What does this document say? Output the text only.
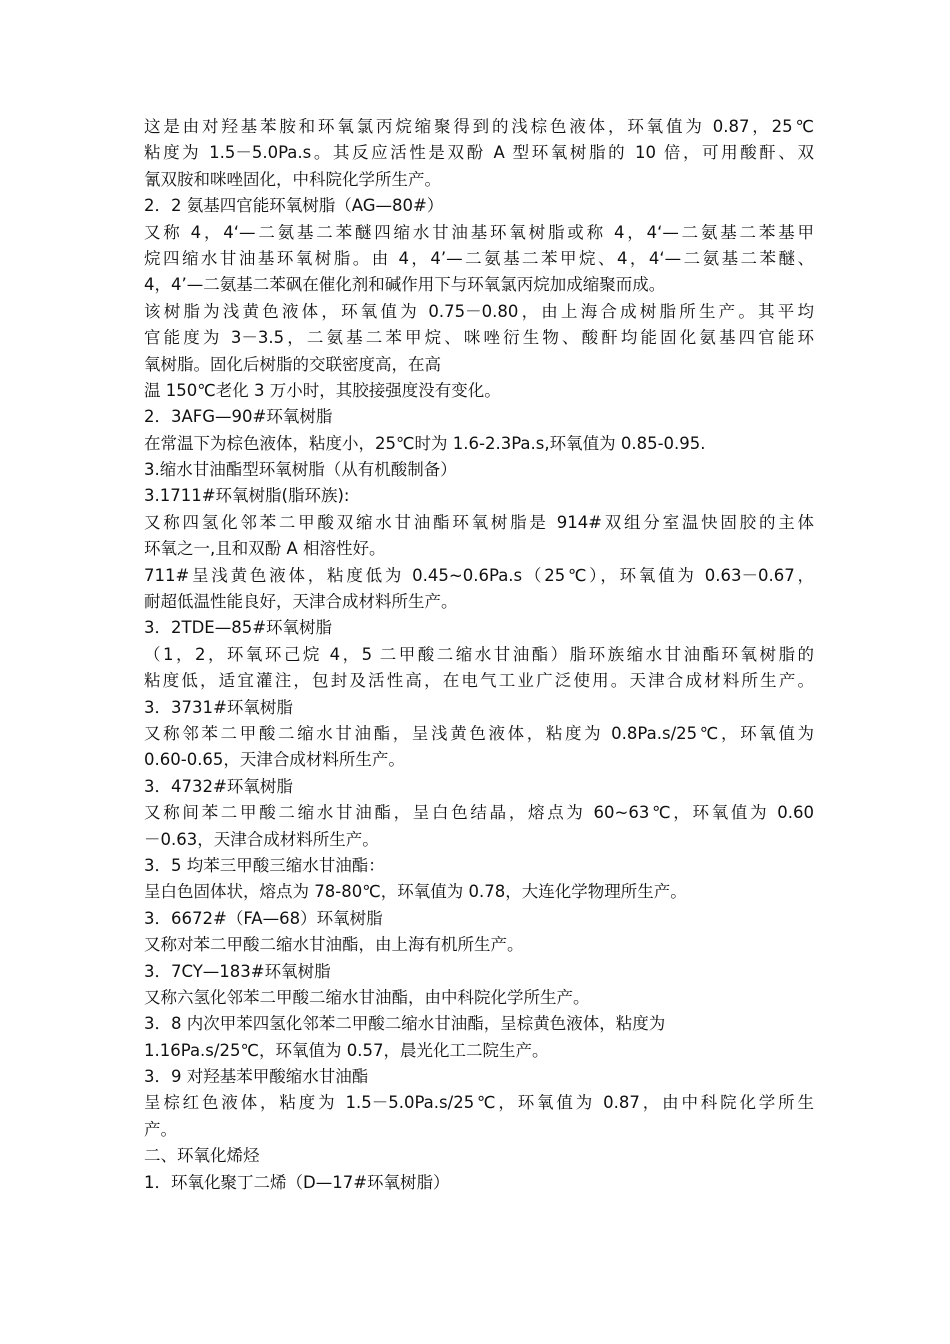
这是由对羟基苯胺和环氧氯丙烷缩聚得到的浅棕色液体，环氧值为 0.87，25℃
粘度为 1.5－5.0Pa.s。其反应活性是双酚 A 型环氧树脂的 10 倍，可用酸酐、双
氰双胺和咪唑固化，中科院化学所生产。
2．2 氨基四官能环氧树脂（AG—80#）
又称 4，4‘—二氨基二苯醚四缩水甘油基环氧树脂或称 4，4‘—二氨基二苯基甲
烷四缩水甘油基环氧树脂。由 4，4’—二氨基二苯甲烷、4，4‘—二氨基二苯醚、
4，4’—二氨基二苯砜在催化剂和碱作用下与环氧氯丙烷加成缩聚而成。
该树脂为浅黄色液体，环氧值为 0.75－0.80，由上海合成树脂所生产。其平均
官能度为 3－3.5，二氨基二苯甲烷、咪唑衍生物、酸酐均能固化氨基四官能环
氧树脂。固化后树脂的交联密度高，在高
温 150℃老化 3 万小时，其胶接强度没有变化。
2．3AFG—90#环氧树脂
在常温下为棕色液体，粘度小，25℃时为 1.6-2.3Pa.s,环氧值为 0.85-0.95.
3.缩水甘油酯型环氧树脂（从有机酸制备）
3.1711#环氧树脂(脂环族):
又称四氢化邻苯二甲酸双缩水甘油酯环氧树脂是 914#双组分室温快固胶的主体
环氧之一,且和双酚 A 相溶性好。
711#呈浅黄色液体，粘度低为 0.45~0.6Pa.s（25℃），环氧值为 0.63－0.67，
耐超低温性能良好，天津合成材料所生产。
3．2TDE—85#环氧树脂
（1，2，环氧环己烷 4，5 二甲酸二缩水甘油酯）脂环族缩水甘油酯环氧树脂的
粘度低，适宜灌注，包封及活性高，在电气工业广泛使用。天津合成材料所生产。
3．3731#环氧树脂
又称邻苯二甲酸二缩水甘油酯，呈浅黄色液体，粘度为 0.8Pa.s/25℃，环氧值为
0.60-0.65，天津合成材料所生产。
3．4732#环氧树脂
又称间苯二甲酸二缩水甘油酯，呈白色结晶，熔点为 60~63℃，环氧值为 0.60
－0.63，天津合成材料所生产。
3．5 均苯三甲酸三缩水甘油酯：
呈白色固体状，熔点为 78-80℃，环氧值为 0.78，大连化学物理所生产。
3．6672#（FA—68）环氧树脂
又称对苯二甲酸二缩水甘油酯，由上海有机所生产。
3．7CY—183#环氧树脂
又称六氢化邻苯二甲酸二缩水甘油酯，由中科院化学所生产。
3．8 内次甲苯四氢化邻苯二甲酸二缩水甘油酯，呈棕黄色液体，粘度为
1.16Pa.s/25℃，环氧值为 0.57，晨光化工二院生产。
3．9 对羟基苯甲酸缩水甘油酯
呈棕红色液体，粘度为 1.5－5.0Pa.s/25℃，环氧值为 0.87，由中科院化学所生
产。
二、环氧化烯烃
1．环氧化聚丁二烯（D—17#环氧树脂）
